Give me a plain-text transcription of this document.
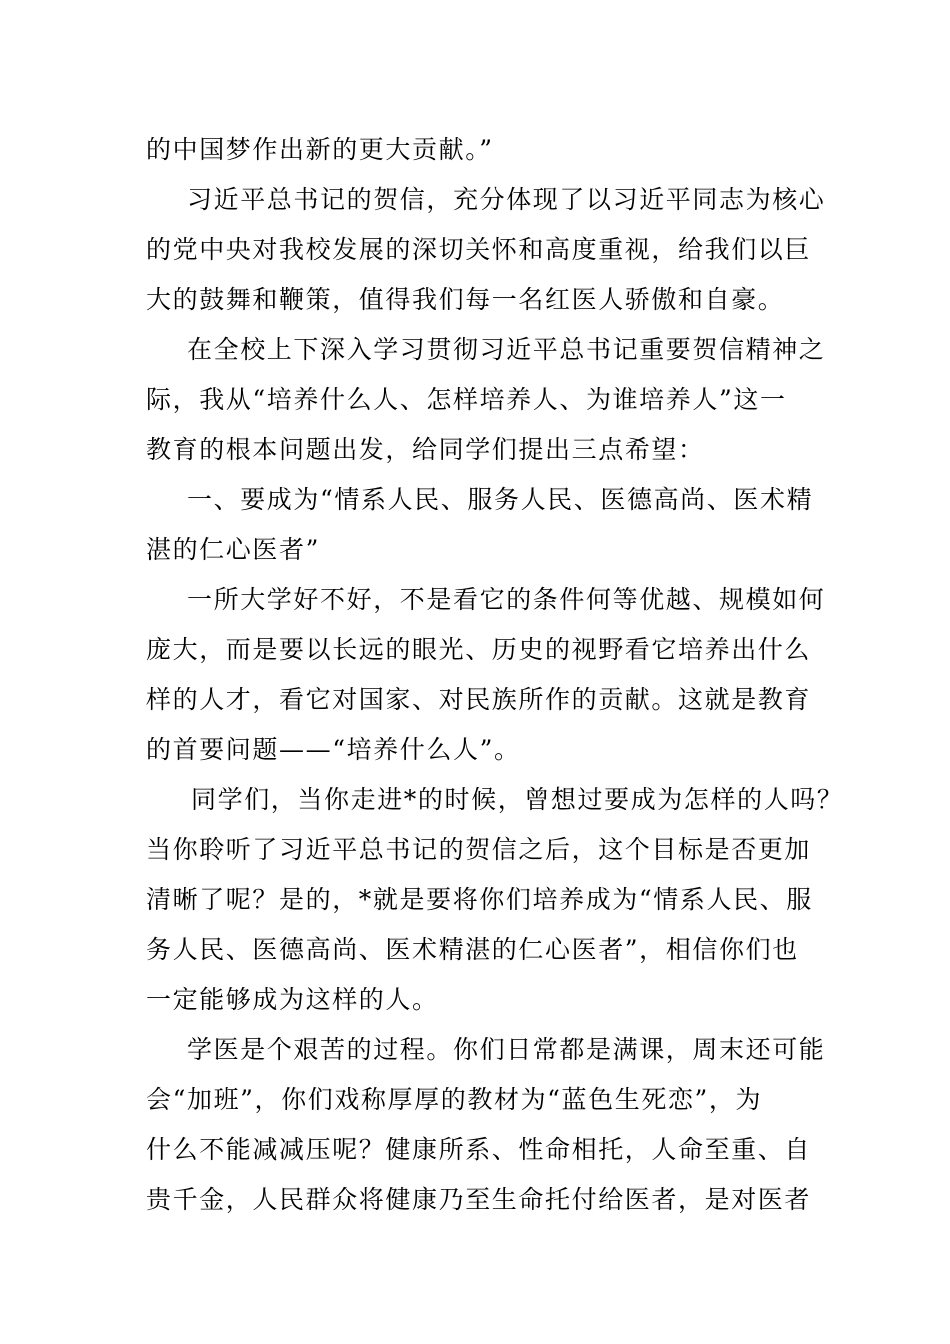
的中国梦作出新的更大贡献。”
习近平总书记的贺信，充分体现了以习近平同志为核心
的党中央对我校发展的深切关怀和高度重视，给我们以巨
大的鼓舞和鞭策，值得我们每一名红医人骄傲和自豪。
在全校上下深入学习贯彻习近平总书记重要贺信精神之
际，我从“培养什么人、怎样培养人、为谁培养人”这一
教育的根本问题出发，给同学们提出三点希望：
一、要成为“情系人民、服务人民、医德高尚、医术精
湛的仁心医者”
一所大学好不好，不是看它的条件何等优越、规模如何
庞大，而是要以长远的眼光、历史的视野看它培养出什么
样的人才，看它对国家、对民族所作的贡献。这就是教育
的首要问题——“培养什么人”。
同学们，当你走进*的时候，曾想过要成为怎样的人吗？
当你聆听了习近平总书记的贺信之后，这个目标是否更加
清晰了呢？是的，*就是要将你们培养成为“情系人民、服
务人民、医德高尚、医术精湛的仁心医者”，相信你们也
一定能够成为这样的人。
学医是个艰苦的过程。你们日常都是满课，周末还可能
会“加班”，你们戏称厚厚的教材为“蓝色生死恋”，为
什么不能减减压呢？健康所系、性命相托，人命至重、自
贵千金，人民群众将健康乃至生命托付给医者，是对医者
